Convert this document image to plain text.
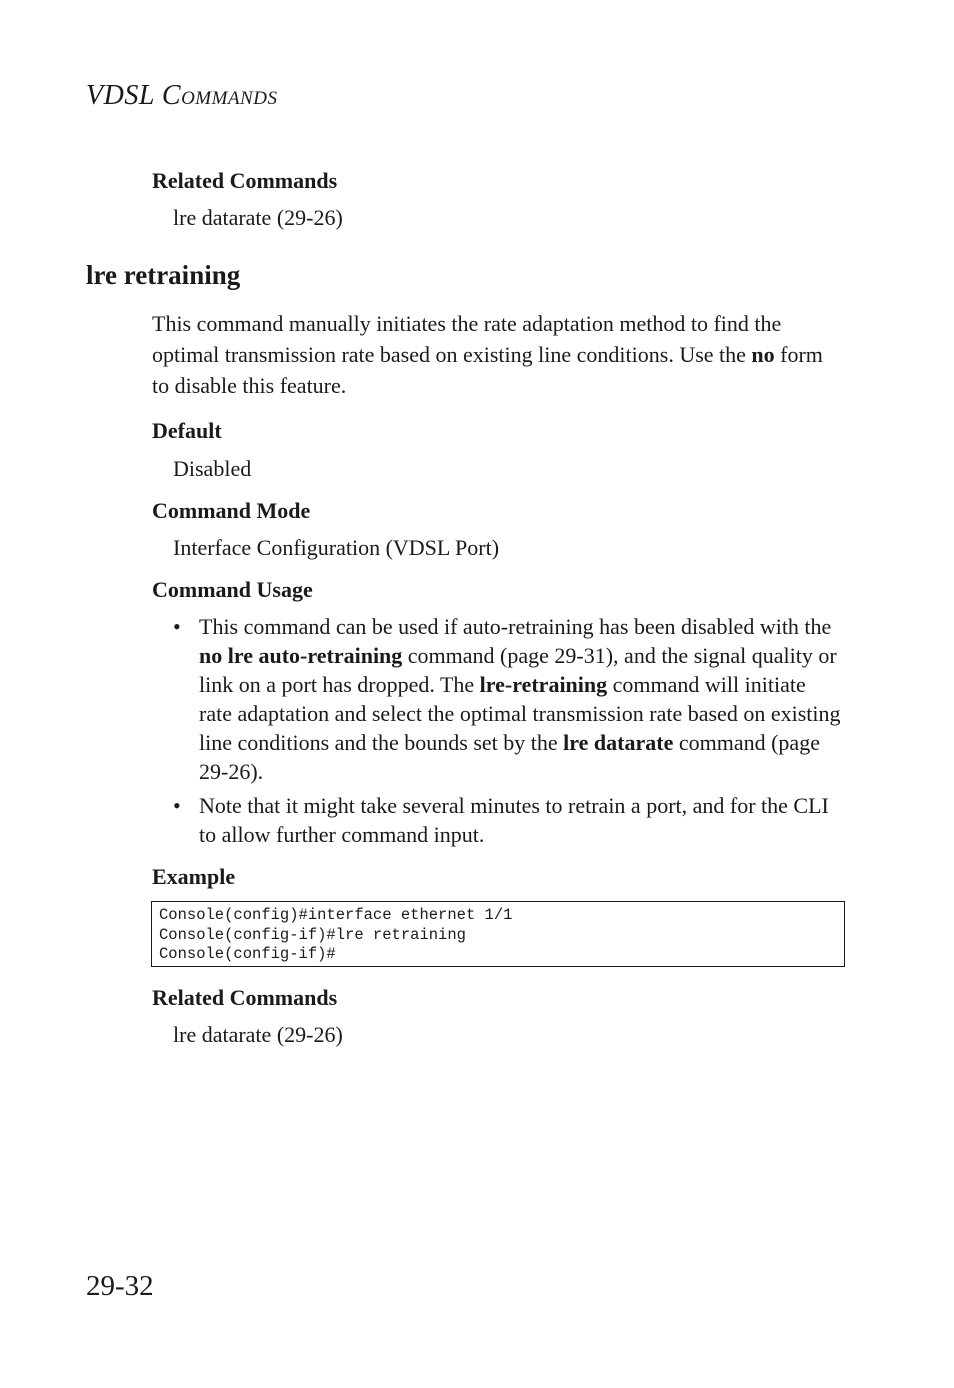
VDSL COMMANDS
Related Commands
lre datarate (29-26)
lre retraining
This command manually initiates the rate adaptation method to find the optimal transmission rate based on existing line conditions. Use the no form to disable this feature.
Default
Disabled
Command Mode
Interface Configuration (VDSL Port)
Command Usage
• This command can be used if auto-retraining has been disabled with the no lre auto-retraining command (page 29-31), and the signal quality or link on a port has dropped. The lre-retraining command will initiate rate adaptation and select the optimal transmission rate based on existing line conditions and the bounds set by the lre datarate command (page 29-26).
• Note that it might take several minutes to retrain a port, and for the CLI to allow further command input.
Example
Console(config)#interface ethernet 1/1
Console(config-if)#lre retraining
Console(config-if)#
Related Commands
lre datarate (29-26)
29-32
